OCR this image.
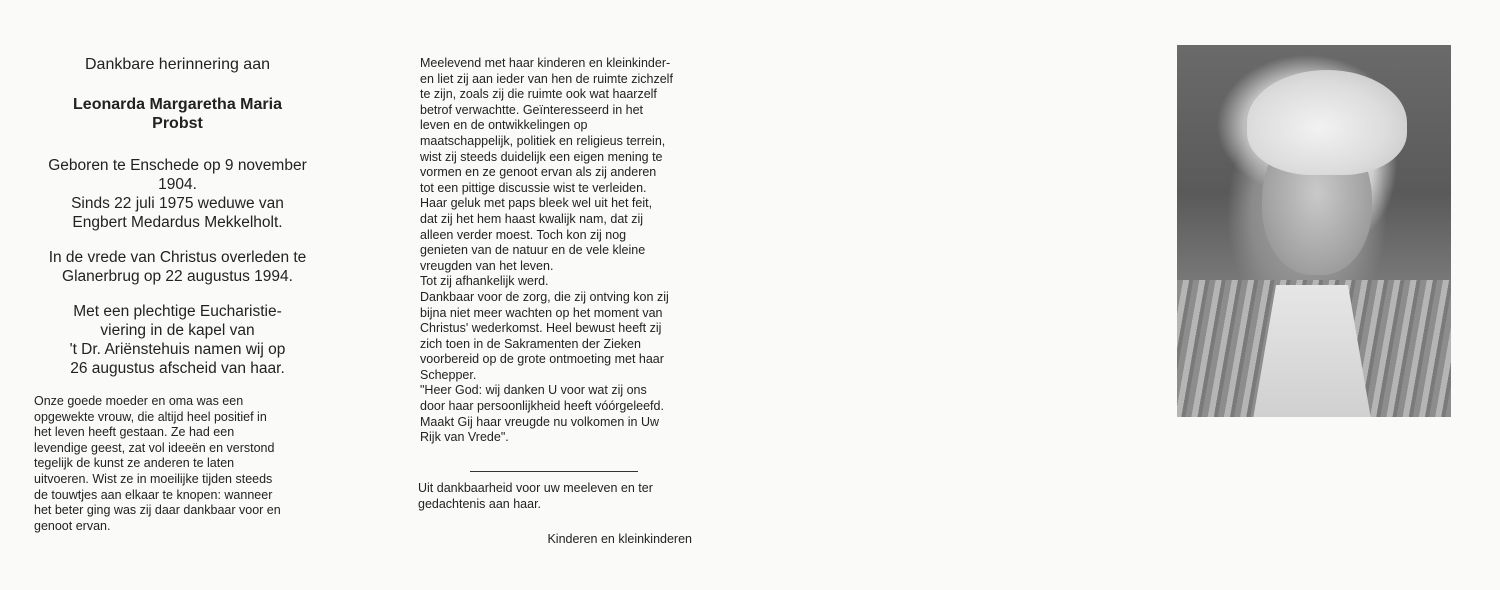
Dankbare herinnering aan

Leonarda Margaretha Maria

Probst

Geboren te Enschede op 9 november

1904.

Sinds 22 juli 1975 weduwe van

Engbert Medardus Mekkelholt.

In de vrede van Christus overleden te

Glanerbrug op 22 augustus 1994.

Met een plechtige Eucharistie-

viering in de kapel van

't Dr. Ariënstehuis namen wij op

26 augustus afscheid van haar.

Onze goede moeder en oma was een

opgewekte vrouw, die altijd heel positief in

het leven heeft gestaan. Ze had een

levendige geest, zat vol ideeën en verstond

tegelijk de kunst ze anderen te laten

uitvoeren. Wist ze in moeilijke tijden steeds

de touwtjes aan elkaar te knopen: wanneer

het beter ging was zij daar dankbaar voor en

genoot ervan.

Meelevend met haar kinderen en kleinkinder-

en liet zij aan ieder van hen de ruimte zichzelf

te zijn, zoals zij die ruimte ook wat haarzelf

betrof verwachtte. Geïnteresseerd in het

leven en de ontwikkelingen op

maatschappelijk, politiek en religieus terrein,

wist zij steeds duidelijk een eigen mening te

vormen en ze genoot ervan als zij anderen

tot een pittige discussie wist te verleiden.

Haar geluk met paps bleek wel uit het feit,

dat zij het hem haast kwalijk nam, dat zij

alleen verder moest. Toch kon zij nog

genieten van de natuur en de vele kleine

vreugden van het leven.

Tot zij afhankelijk werd.

Dankbaar voor de zorg, die zij ontving kon zij

bijna niet meer wachten op het moment van

Christus' wederkomst. Heel bewust heeft zij

zich toen in de Sakramenten der Zieken

voorbereid op de grote ontmoeting met haar

Schepper.

"Heer God: wij danken U voor wat zij ons

door haar persoonlijkheid heeft vóórgeleefd.

Maakt Gij haar vreugde nu volkomen in Uw

Rijk van Vrede".

Uit dankbaarheid voor uw meeleven en ter

gedachtenis aan haar.

Kinderen en kleinkinderen
